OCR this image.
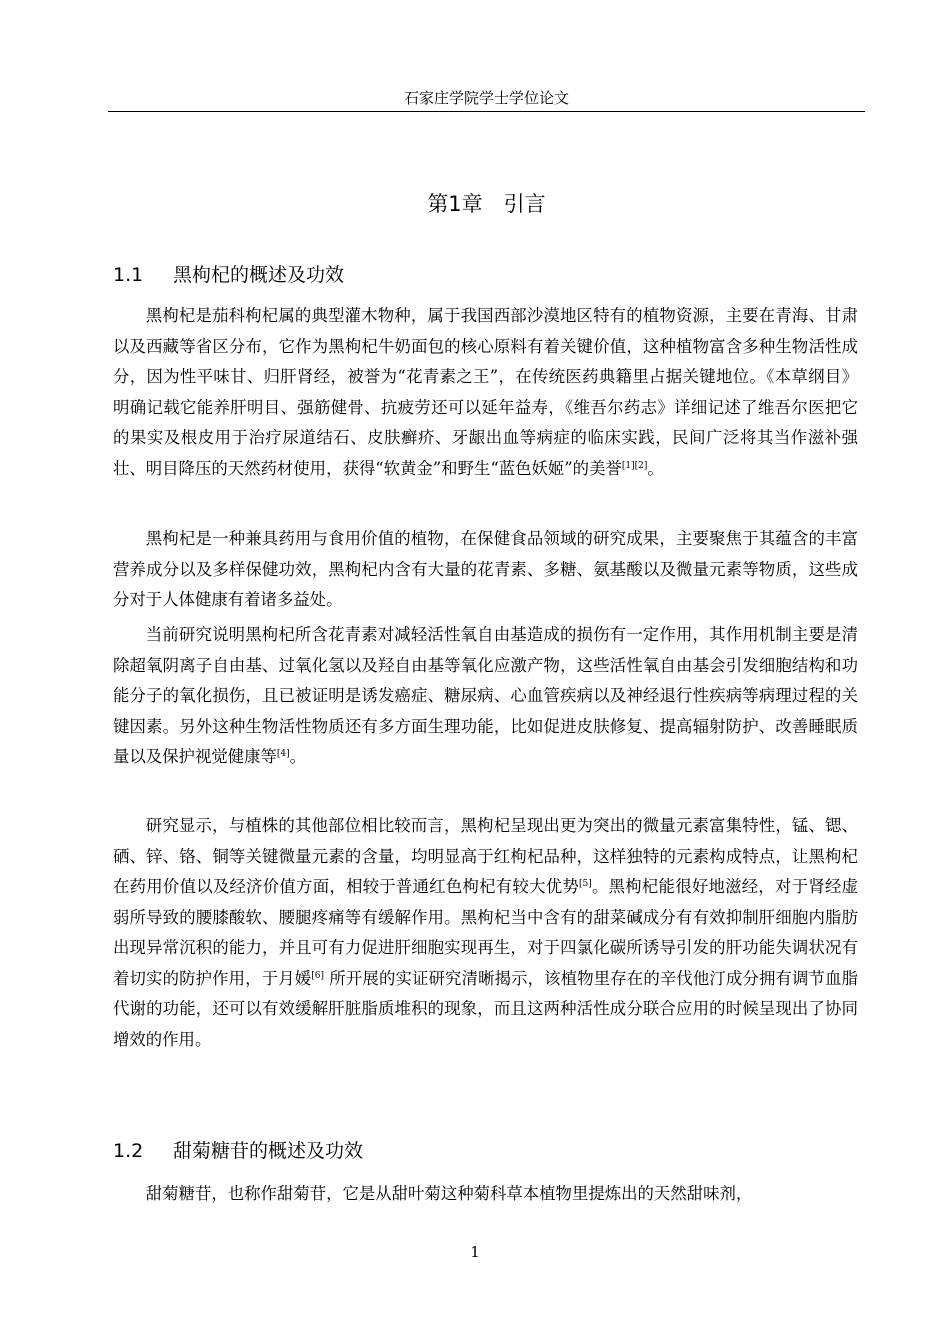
石家庄学院学士学位论文
第1章　引言
1.1 黑枸杞的概述及功效
黑枸杞是茄科枸杞属的典型灌木物种，属于我国西部沙漠地区特有的植物资源，主要在青海、甘肃以及西藏等省区分布，它作为黑枸杞牛奶面包的核心原料有着关键价值，这种植物富含多种生物活性成分，因为性平味甘、归肝肾经，被誉为“花青素之王”，在传统医药典籍里占据关键地位。《本草纲目》明确记载它能养肝明目、强筋健骨、抗疲劳还可以延年益寿，《维吾尔药志》详细记述了维吾尔医把它的果实及根皮用于治疗尿道结石、皮肤癣疥、牙龈出血等病症的临床实践，民间广泛将其当作滋补强壮、明目降压的天然药材使用，获得“软黄金”和野生“蓝色妖姬”的美誉[1][2]。
黑枸杞是一种兼具药用与食用价值的植物，在保健食品领域的研究成果，主要聚焦于其蕴含的丰富营养成分以及多样保健功效，黑枸杞内含有大量的花青素、多糖、氨基酸以及微量元素等物质，这些成分对于人体健康有着诸多益处。
当前研究说明黑枸杞所含花青素对减轻活性氧自由基造成的损伤有一定作用，其作用机制主要是清除超氧阴离子自由基、过氧化氢以及羟自由基等氧化应激产物，这些活性氧自由基会引发细胞结构和功能分子的氧化损伤，且已被证明是诱发癌症、糖尿病、心血管疾病以及神经退行性疾病等病理过程的关键因素。另外这种生物活性物质还有多方面生理功能，比如促进皮肤修复、提高辐射防护、改善睡眠质量以及保护视觉健康等[4]。
研究显示，与植株的其他部位相比较而言，黑枸杞呈现出更为突出的微量元素富集特性，锰、锶、硒、锌、铬、铜等关键微量元素的含量，均明显高于红枸杞品种，这样独特的元素构成特点，让黑枸杞在药用价值以及经济价值方面，相较于普通红色枸杞有较大优势[5]。黑枸杞能很好地滋经，对于肾经虚弱所导致的腰膝酸软、腰腿疼痛等有缓解作用。黑枸杞当中含有的甜菜碱成分有有效抑制肝细胞内脂肪出现异常沉积的能力，并且可有力促进肝细胞实现再生，对于四氯化碳所诱导引发的肝功能失调状况有着切实的防护作用，于月媛[6] 所开展的实证研究清晰揭示，该植物里存在的辛伐他汀成分拥有调节血脂代谢的功能，还可以有效缓解肝脏脂质堆积的现象，而且这两种活性成分联合应用的时候呈现出了协同增效的作用。
1.2 甜菊糖苷的概述及功效
甜菊糖苷，也称作甜菊苷，它是从甜叶菊这种菊科草本植物里提炼出的天然甜味剂，
1
